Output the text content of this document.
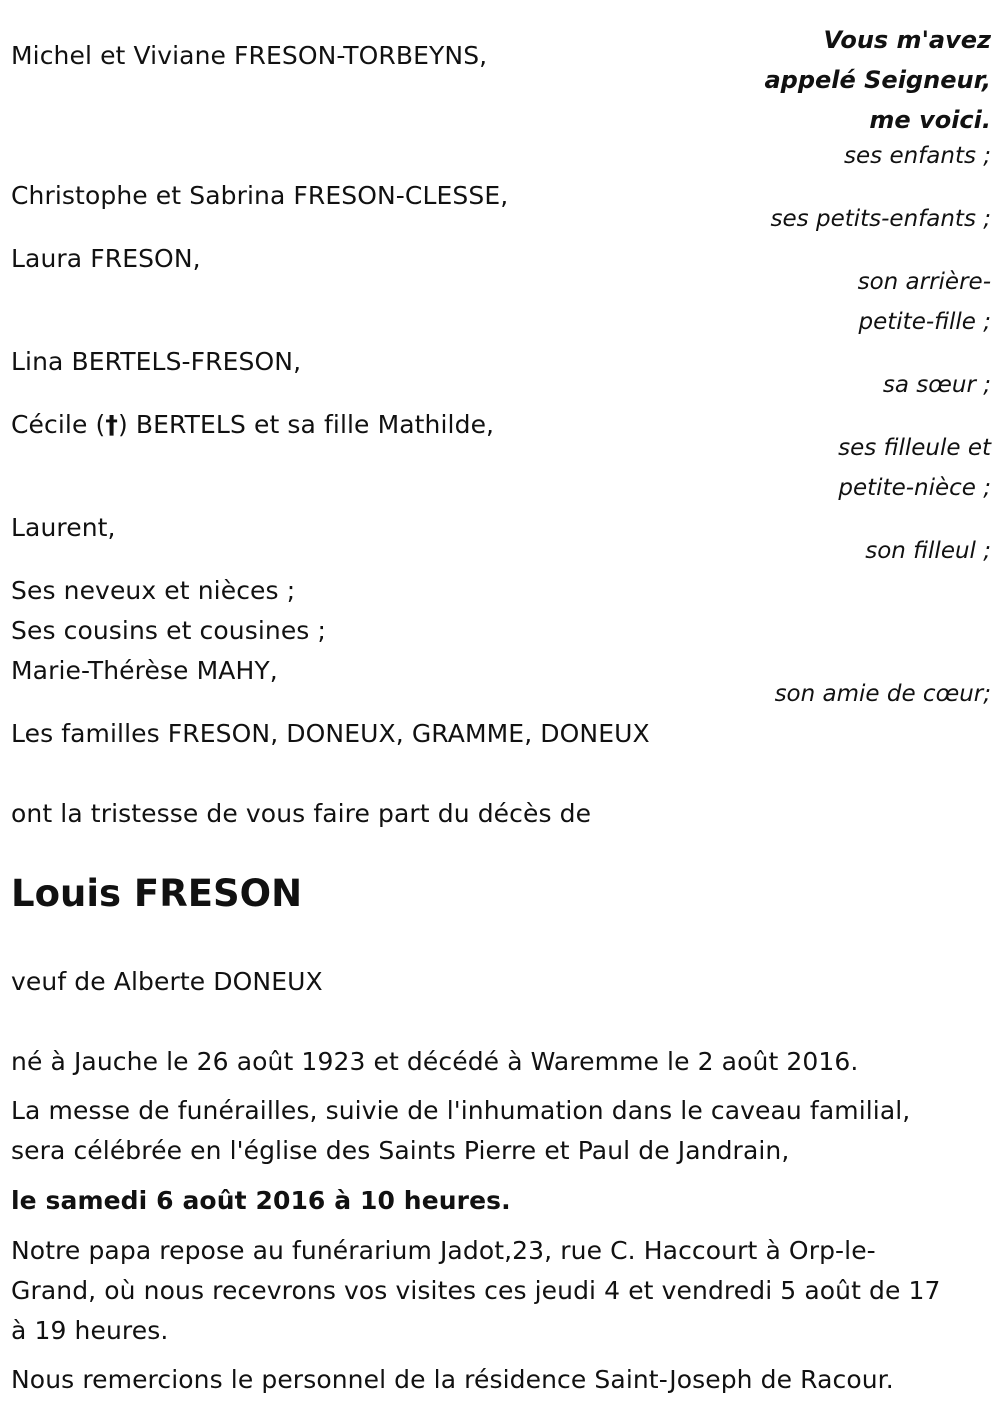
Vous m'avez
appelé Seigneur,
me voici.
Michel et Viviane FRESON-TORBEYNS,
ses enfants ;
Christophe et Sabrina FRESON-CLESSE,
ses petits-enfants ;
Laura FRESON,
son arrière-
petite-fille ;
Lina BERTELS-FRESON,
sa sœur ;
Cécile (†) BERTELS et sa fille Mathilde,
ses filleule et
petite-nièce ;
Laurent,
son filleul ;
Ses neveux et nièces ;
Ses cousins et cousines ;
Marie-Thérèse MAHY,
son amie de cœur;
Les familles FRESON, DONEUX, GRAMME, DONEUX
ont la tristesse de vous faire part du décès de
Louis FRESON
veuf de Alberte DONEUX
né à Jauche le 26 août 1923 et décédé à Waremme le 2 août 2016.
La messe de funérailles, suivie de l'inhumation dans le caveau familial,
sera célébrée en l'église des Saints Pierre et Paul de Jandrain,
le samedi 6 août 2016 à 10 heures.
Notre papa repose au funérarium Jadot,23, rue C. Haccourt à Orp-le-
Grand, où nous recevrons vos visites ces jeudi 4 et vendredi 5 août de 17
à 19 heures.
Nous remercions le personnel de la résidence Saint-Joseph de Racour.
